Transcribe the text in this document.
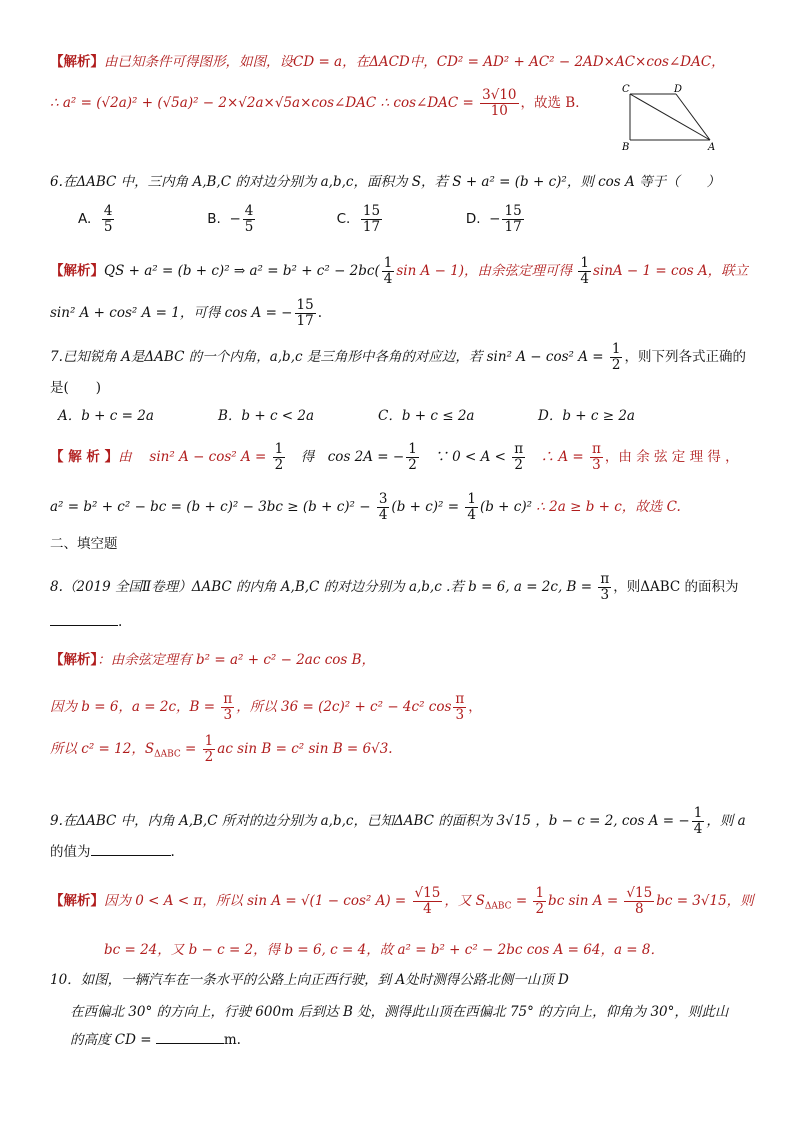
【解析】由已知条件可得图形，如图，设CD = a，在ΔACD中，CD² = AD² + AC² − 2AD×AC×cos∠DAC，
∴ a² = (√2a)² + (√5a)² − 2×√2a×√5a×cos∠DAC ∴ cos∠DAC = $\frac{3√10}{10}$ ，故选 B．
C	D
B	A
6.在ΔABC 中，三内角 A,B,C 的对边分别为 a,b,c，面积为 S，若 S + a² = (b + c)²，则 cos A 等于（　　）
A. $\frac{4}{5}$	B. − $\frac{4}{5}$	C. $\frac{15}{17}$	D. − $\frac{15}{17}$
【解析】QS + a² = (b + c)² ⇒ $a^2 = b^2 + c^2 - 2bc( \frac{1}{4}$ sin A − 1)，由余弦定理可得 $\frac{1}{4}$ sinA − 1 = cos A，联立
sin² A + cos² A = 1，可得 cos A = − $\frac{15}{17}$ .
7.已知锐角 A是ΔABC 的一个内角，a,b,c 是三角形中各角的对应边，若 sin² A − cos² $A = \frac{1}{2}$ ，则下列各式正确的
是(　　)
A．b + c = 2a	B．b + c < 2a	C．b + c ≤ 2a	D．b + c ≥ 2a
【 解 析 】由　 sin² A − cos² $A = \frac{1}{2}$ 　得　cos 2A = − $\frac{1}{2}$ 　∵ $0 < A < \frac{\pi}{2}$ 　∴ $A = \frac{\pi}{3}$ ，由 余 弦 定 理 得 ，
a² = b² + c² − bc = $(b + c)^2 - 3bc \ge (b + c)^2 - \frac{3}{4} (b + c)^2 = \frac{1}{4} (b + c)^2$ ∴ 2a ≥ b + c，故选 C.
二、填空题
8.（2019 全国Ⅱ卷理）ΔABC 的内角 A,B,C 的对边分别为 a,b,c .若 b = 6, a = 2c, $B = \frac{\pi}{3}$ ，则ΔABC 的面积为
.
【解析】：由余弦定理有 b² = a² + c² − 2ac cos B，
因为 b = 6，a = 2c，$B = \frac{\pi}{3}$ ，所以 36 = (2c)² + c² − 4c² $\cos \frac{\pi}{3}$ ，
所以 c² = 12，$S_{\Delta ABC} = \frac{1}{2}$ ac sin B = c² sin B = 6√3.
9.在ΔABC 中，内角 A,B,C 所对的边分别为 a,b,c，已知ΔABC 的面积为 3√15 ，b − c = 2, cos A = − $\frac{1}{4}$ ，则 a
的值为	.
【解析】因为 0 < A < π，所以 sin A = √(1 − cos² $A) = \frac{√15}{4}$ ，又 $S_{\Delta ABC} = \frac{1}{2}$ bc $\sin A = \frac{√15}{8}$ bc = 3√15，则
bc = 24，又 b − c = 2，得 b = 6, c = 4，故 a² = b² + c² − 2bc cos A = 64，a = 8．
10．如图，一辆汽车在一条水平的公路上向正西行驶，到 A处时测得公路北侧一山顶 D
在西偏北 30° 的方向上，行驶 600m 后到达 B 处，测得此山顶在西偏北 75° 的方向上，仰角为 30°，则此山
的高度 CD =	m.
